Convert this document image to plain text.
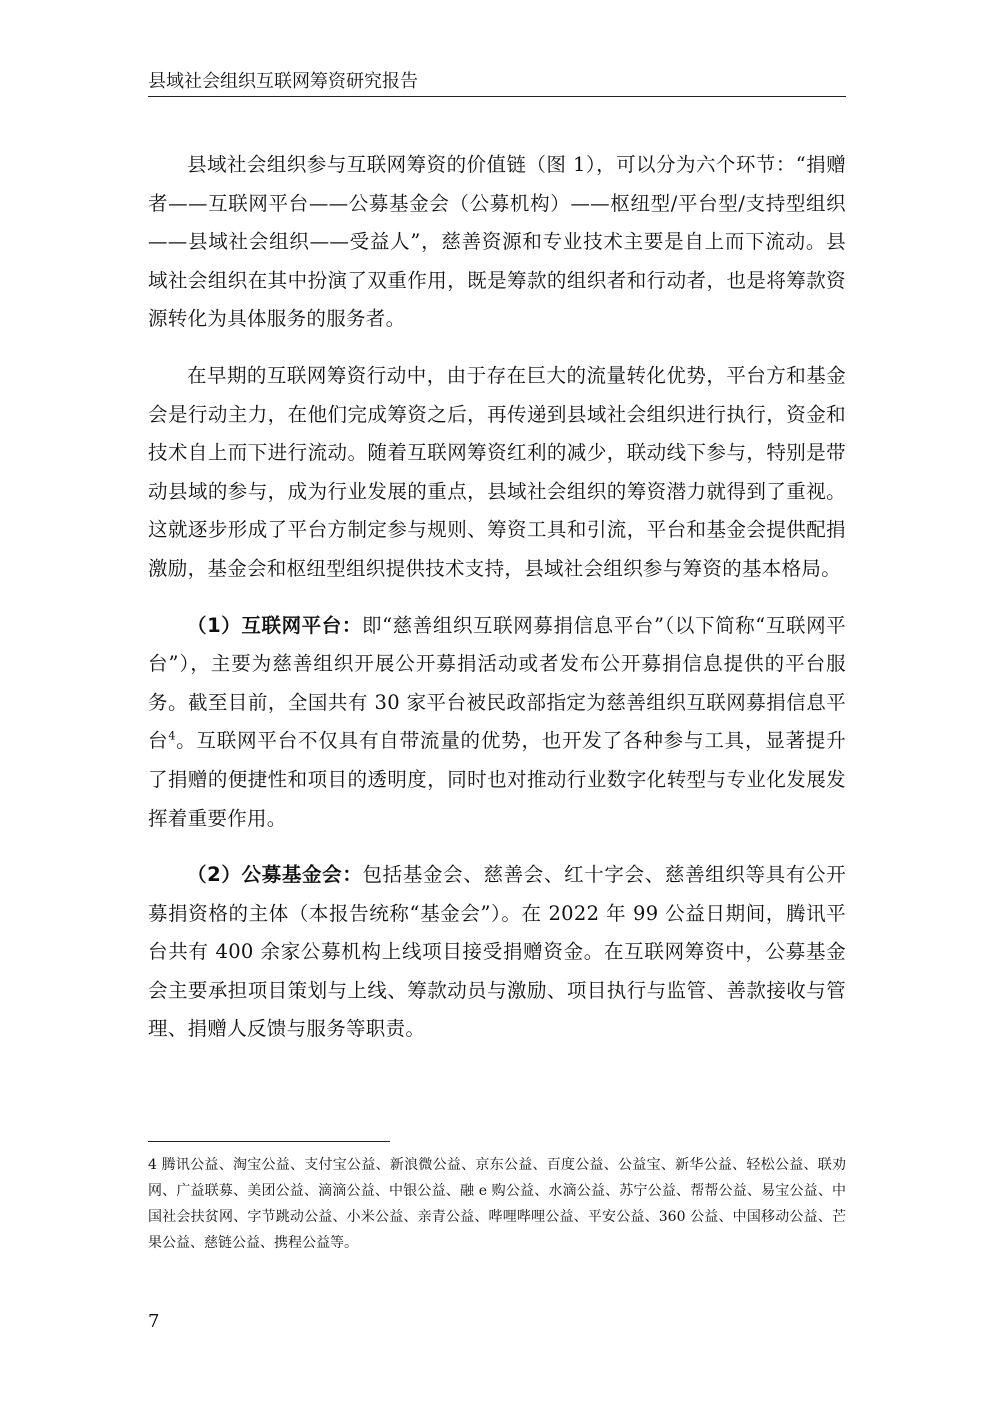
县域社会组织互联网筹资研究报告

县域社会组织参与互联网筹资的价值链（图 1），可以分为六个环节：“捐赠者——互联网平台——公募基金会（公募机构）——枢纽型/平台型/支持型组织——县域社会组织——受益人”，慈善资源和专业技术主要是自上而下流动。县域社会组织在其中扮演了双重作用，既是筹款的组织者和行动者，也是将筹款资源转化为具体服务的服务者。

在早期的互联网筹资行动中，由于存在巨大的流量转化优势，平台方和基金会是行动主力，在他们完成筹资之后，再传递到县域社会组织进行执行，资金和技术自上而下进行流动。随着互联网筹资红利的减少，联动线下参与，特别是带动县域的参与，成为行业发展的重点，县域社会组织的筹资潜力就得到了重视。这就逐步形成了平台方制定参与规则、筹资工具和引流，平台和基金会提供配捐激励，基金会和枢纽型组织提供技术支持，县域社会组织参与筹资的基本格局。

（1）互联网平台：即“慈善组织互联网募捐信息平台”（以下简称“互联网平台”），主要为慈善组织开展公开募捐活动或者发布公开募捐信息提供的平台服务。截至目前，全国共有 30 家平台被民政部指定为慈善组织互联网募捐信息平台$^4$。互联网平台不仅具有自带流量的优势，也开发了各种参与工具，显著提升了捐赠的便捷性和项目的透明度，同时也对推动行业数字化转型与专业化发展发挥着重要作用。

（2）公募基金会：包括基金会、慈善会、红十字会、慈善组织等具有公开募捐资格的主体（本报告统称“基金会”）。在 2022 年 99 公益日期间，腾讯平台共有 400 余家公募机构上线项目接受捐赠资金。在互联网筹资中，公募基金会主要承担项目策划与上线、筹款动员与激励、项目执行与监管、善款接收与管理、捐赠人反馈与服务等职责。

4 腾讯公益、淘宝公益、支付宝公益、新浪微公益、京东公益、百度公益、公益宝、新华公益、轻松公益、联劝网、广益联募、美团公益、滴滴公益、中银公益、融 e 购公益、水滴公益、苏宁公益、帮帮公益、易宝公益、中国社会扶贫网、字节跳动公益、小米公益、亲青公益、哔哩哔哩公益、平安公益、360 公益、中国移动公益、芒果公益、慈链公益、携程公益等。
7
